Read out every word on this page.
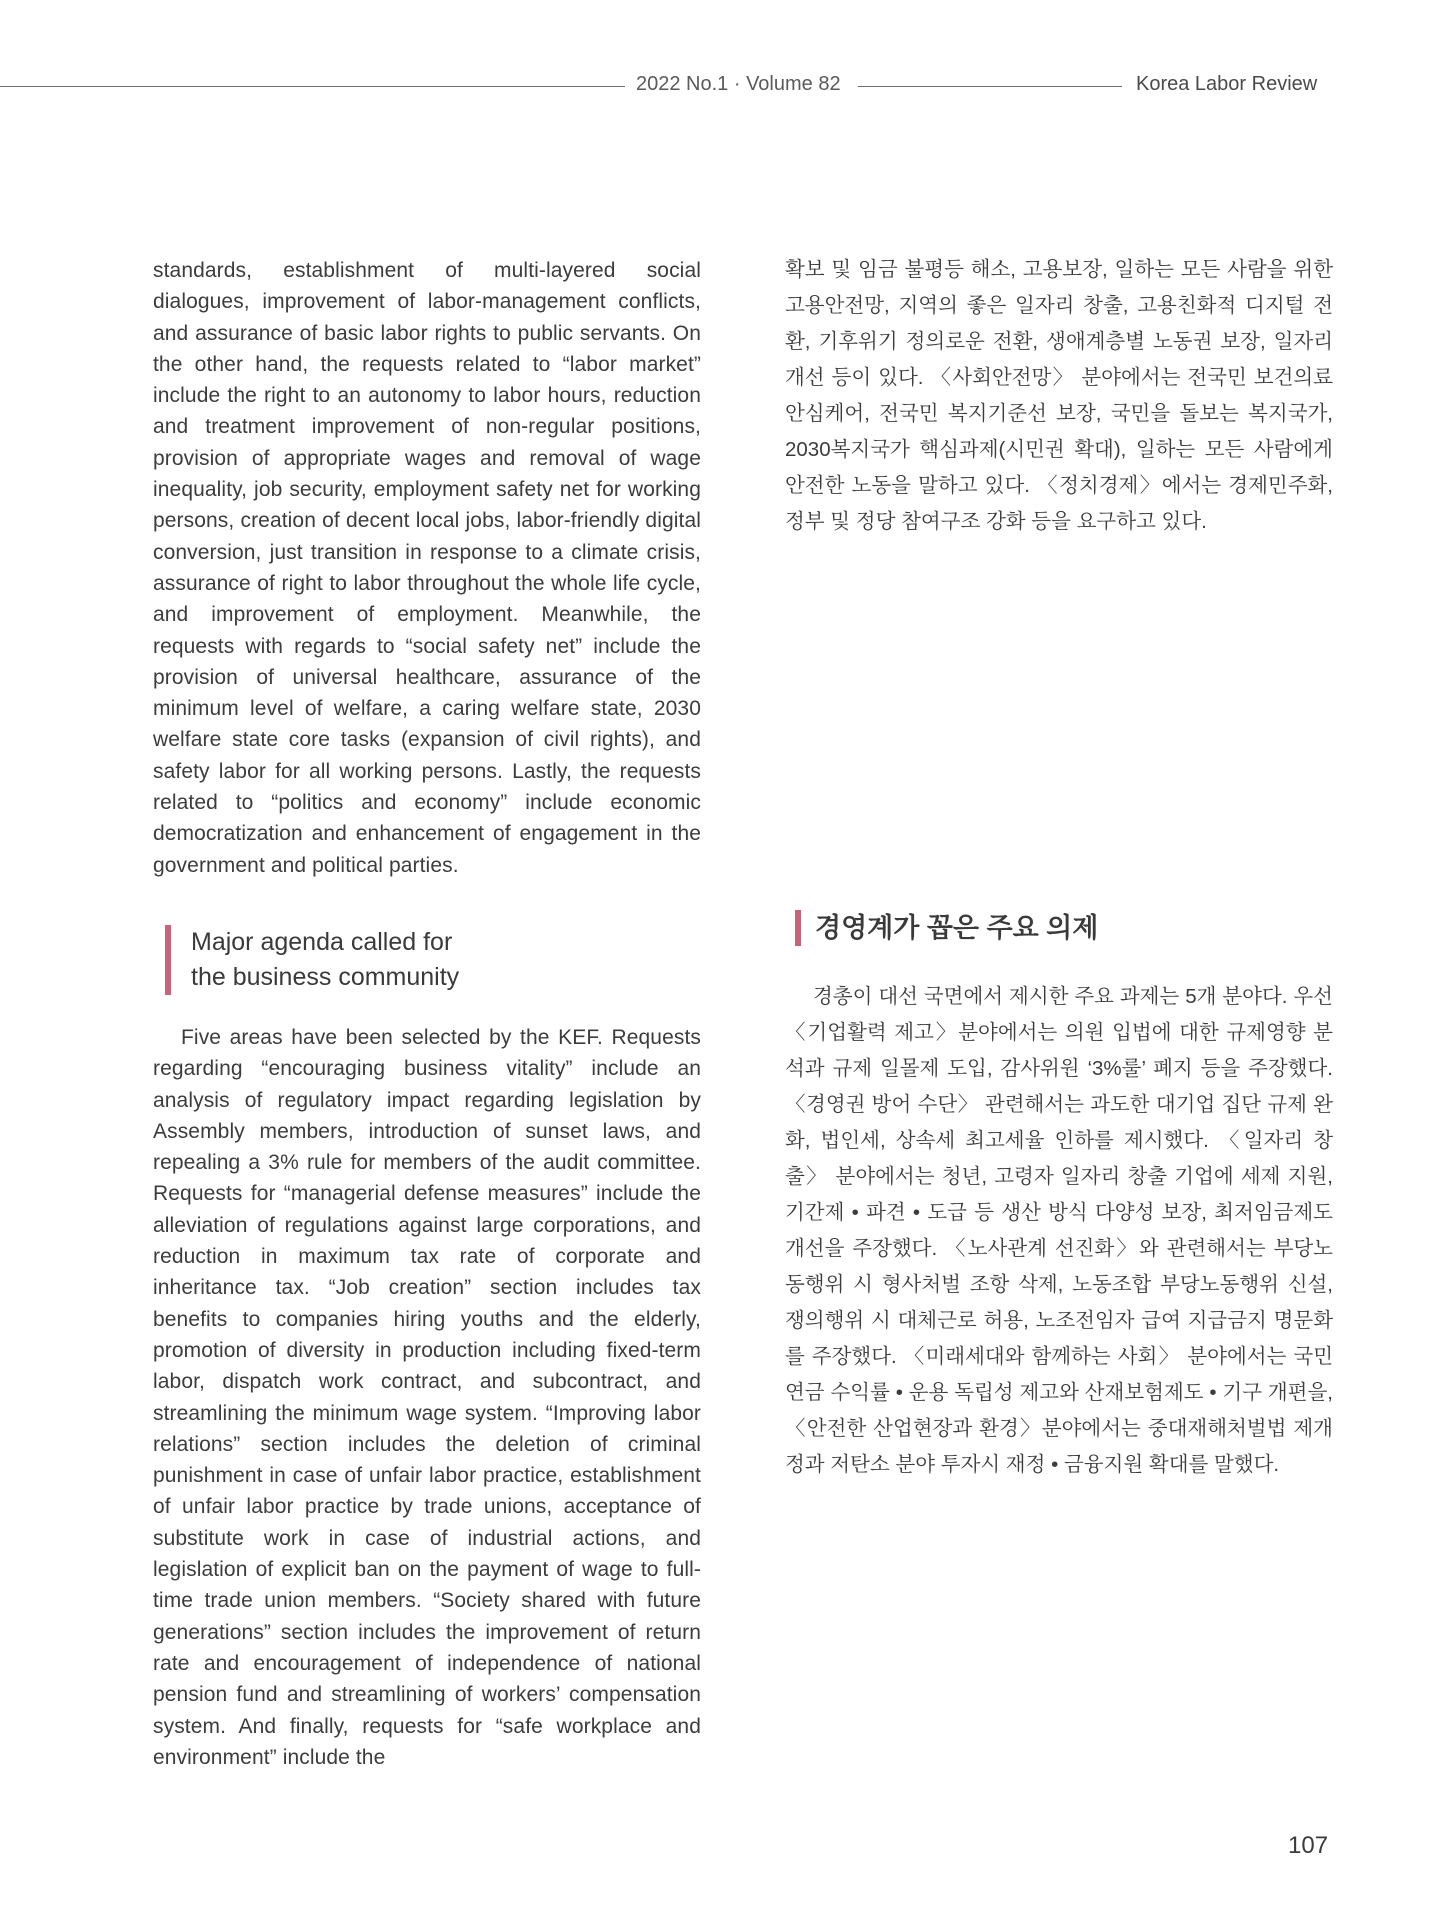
2022 No.1 · Volume 82	Korea Labor Review

standards, establishment of multi-layered social dialogues, improvement of labor-management conflicts, and assurance of basic labor rights to public servants. On the other hand, the requests related to “labor market” include the right to an autonomy to labor hours, reduction and treatment improvement of non-regular positions, provision of appropriate wages and removal of wage inequality, job security, employment safety net for working persons, creation of decent local jobs, labor-friendly digital conversion, just transition in response to a climate crisis, assurance of right to labor throughout the whole life cycle, and improvement of employment. Meanwhile, the requests with regards to “social safety net” include the provision of universal healthcare, assurance of the minimum level of welfare, a caring welfare state, 2030 welfare state core tasks (expansion of civil rights), and safety labor for all working persons. Lastly, the requests related to “politics and economy” include economic democratization and enhancement of engagement in the government and political parties.

Major agenda called for
the business community

Five areas have been selected by the KEF. Requests regarding “encouraging business vitality” include an analysis of regulatory impact regarding legislation by Assembly members, introduction of sunset laws, and repealing a 3% rule for members of the audit committee. Requests for “managerial defense measures” include the alleviation of regulations against large corporations, and reduction in maximum tax rate of corporate and inheritance tax. “Job creation” section includes tax benefits to companies hiring youths and the elderly, promotion of diversity in production including fixed-term labor, dispatch work contract, and subcontract, and streamlining the minimum wage system. “Improving labor relations” section includes the deletion of criminal punishment in case of unfair labor practice, establishment of unfair labor practice by trade unions, acceptance of substitute work in case of industrial actions, and legislation of explicit ban on the payment of wage to full-time trade union members. “Society shared with future generations” section includes the improvement of return rate and encouragement of independence of national pension fund and streamlining of workers’ compensation system. And finally, requests for “safe workplace and environment” include the

확보 및 임금 불평등 해소, 고용보장, 일하는 모든 사람을 위한 고용안전망, 지역의 좋은 일자리 창출, 고용친화적 디지털 전환, 기후위기 정의로운 전환, 생애계층별 노동권 보장, 일자리 개선 등이 있다. 〈사회안전망〉 분야에서는 전국민 보건의료 안심케어, 전국민 복지기준선 보장, 국민을 돌보는 복지국가, 2030복지국가 핵심과제(시민권 확대), 일하는 모든 사람에게 안전한 노동을 말하고 있다. 〈정치경제〉에서는 경제민주화, 정부 및 정당 참여구조 강화 등을 요구하고 있다.

경영계가 꼽은 주요 의제

경총이 대선 국면에서 제시한 주요 과제는 5개 분야다. 우선 〈기업활력 제고〉분야에서는 의원 입법에 대한 규제영향 분석과 규제 일몰제 도입, 감사위원 ‘3%룰’ 폐지 등을 주장했다. 〈경영권 방어 수단〉 관련해서는 과도한 대기업 집단 규제 완화, 법인세, 상속세 최고세율 인하를 제시했다. 〈일자리 창출〉 분야에서는 청년, 고령자 일자리 창출 기업에 세제 지원, 기간제 • 파견 • 도급 등 생산 방식 다양성 보장, 최저임금제도 개선을 주장했다. 〈노사관계 선진화〉와 관련해서는 부당노동행위 시 형사처벌 조항 삭제, 노동조합 부당노동행위 신설, 쟁의행위 시 대체근로 허용, 노조전임자 급여 지급금지 명문화를 주장했다. 〈미래세대와 함께하는 사회〉 분야에서는 국민연금 수익률 • 운용 독립성 제고와 산재보험제도 • 기구 개편을, 〈안전한 산업현장과 환경〉분야에서는 중대재해처벌법 제개정과 저탄소 분야 투자시 재정 • 금융지원 확대를 말했다.

107
